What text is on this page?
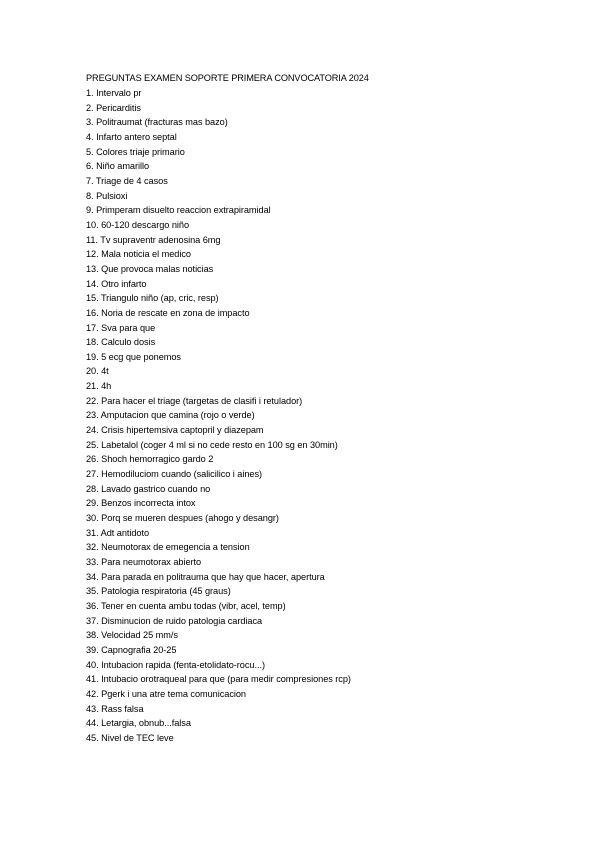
PREGUNTAS EXAMEN SOPORTE PRIMERA CONVOCATORIA 2024
1. Intervalo pr
2. Pericarditis
3. Politraumat (fracturas mas bazo)
4. Infarto antero septal
5. Colores triaje primario
6. Niño amarillo
7. Triage de 4 casos
8. Pulsioxi
9. Primperam disuelto reaccion extrapiramidal
10. 60-120 descargo niño
11. Tv supraventr adenosina 6mg
12. Mala noticia el medico
13. Que provoca malas noticias
14. Otro infarto
15. Triangulo niño (ap, cric, resp)
16. Noria de rescate en zona de impacto
17. Sva para que
18. Calculo dosis
19. 5 ecg que ponemos
20. 4t
21. 4h
22. Para hacer el triage (targetas de clasifi i retulador)
23. Amputacion que camina (rojo o verde)
24. Crisis hipertemsiva captopril y diazepam
25. Labetalol (coger 4 ml si no cede resto en 100 sg en 30min)
26. Shoch hemorragico gardo 2
27. Hemodiluciom cuando (salicilico i aines)
28. Lavado gastrico cuando no
29. Benzos incorrecta intox
30. Porq se mueren despues (ahogo y desangr)
31. Adt antidoto
32. Neumotorax de emegencia a tension
33. Para neumotorax abierto
34. Para parada en politrauma que hay que hacer, apertura
35. Patologia respiratoria (45 graus)
36. Tener en cuenta ambu todas (vibr, acel, temp)
37. Disminucion de ruido patologia cardiaca
38. Velocidad 25 mm/s
39. Capnografia 20-25
40. Intubacion rapida (fenta-etolidato-rocu...)
41. Intubacio orotraqueal para que (para medir compresiones rcp)
42. Pgerk i una atre tema comunicacion
43. Rass falsa
44. Letargia, obnub...falsa
45. Nivel de TEC leve
